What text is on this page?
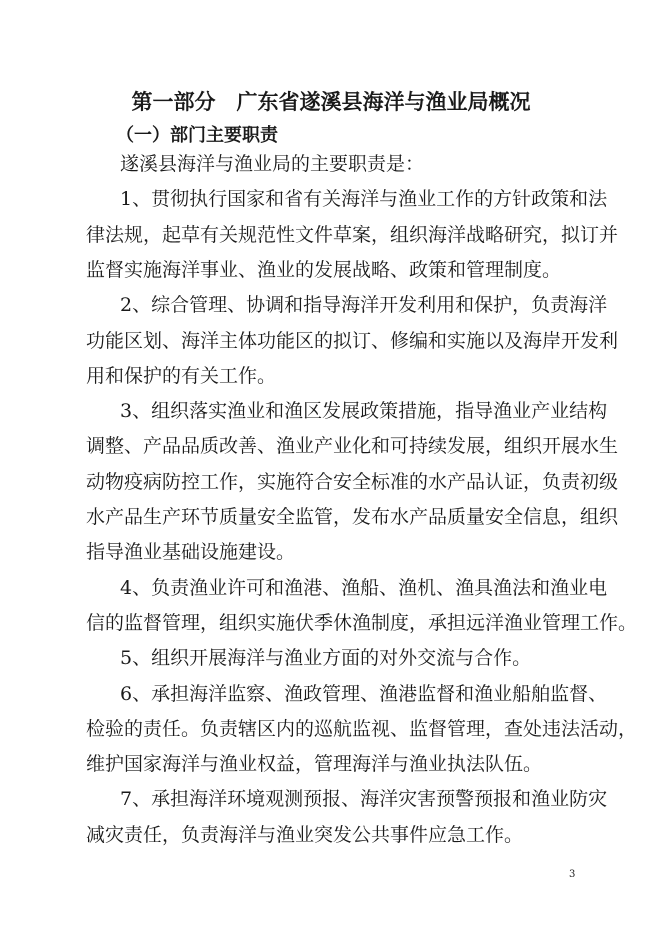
第一部分　广东省遂溪县海洋与渔业局概况
（一）部门主要职责
遂溪县海洋与渔业局的主要职责是：
1、贯彻执行国家和省有关海洋与渔业工作的方针政策和法
律法规，起草有关规范性文件草案，组织海洋战略研究，拟订并
监督实施海洋事业、渔业的发展战略、政策和管理制度。
2、综合管理、协调和指导海洋开发利用和保护，负责海洋
功能区划、海洋主体功能区的拟订、修编和实施以及海岸开发利
用和保护的有关工作。
3、组织落实渔业和渔区发展政策措施，指导渔业产业结构
调整、产品品质改善、渔业产业化和可持续发展，组织开展水生
动物疫病防控工作，实施符合安全标准的水产品认证，负责初级
水产品生产环节质量安全监管，发布水产品质量安全信息，组织
指导渔业基础设施建设。
4、负责渔业许可和渔港、渔船、渔机、渔具渔法和渔业电
信的监督管理，组织实施伏季休渔制度，承担远洋渔业管理工作。
5、组织开展海洋与渔业方面的对外交流与合作。
6、承担海洋监察、渔政管理、渔港监督和渔业船舶监督、
检验的责任。负责辖区内的巡航监视、监督管理，查处违法活动，
维护国家海洋与渔业权益，管理海洋与渔业执法队伍。
7、承担海洋环境观测预报、海洋灾害预警预报和渔业防灾
减灾责任，负责海洋与渔业突发公共事件应急工作。
3
